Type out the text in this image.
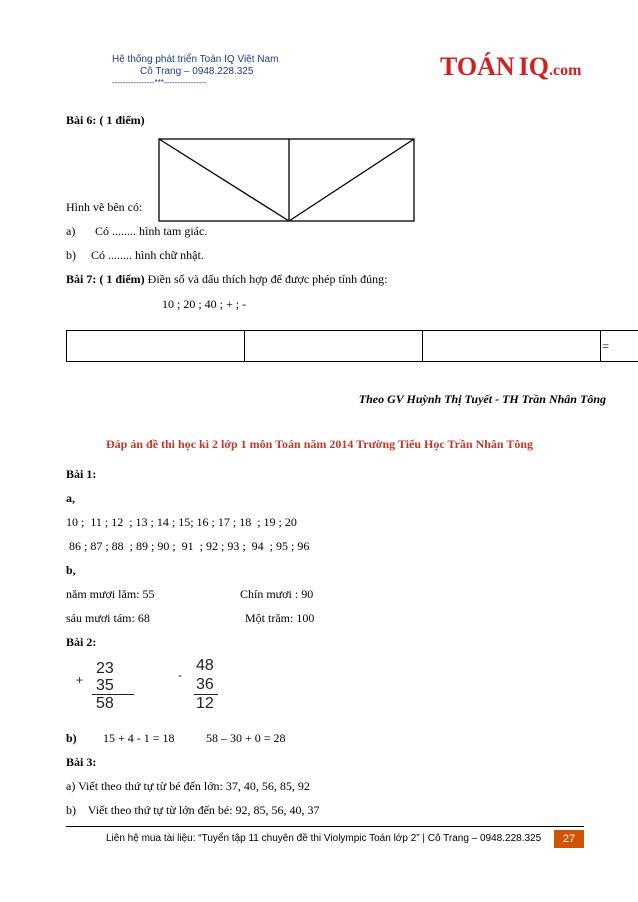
Hệ thống phát triển Toán IQ Việt Nam
Cô Trang – 0948.228.325
----------------***----------------
TOÁN IQ.com
Bài 6: ( 1 điểm)
Hình vẽ bên có:
a) Có ........ hình tam giác.
b) Có ........ hình chữ nhật.
Bài 7: ( 1 điểm) Điền số và dấu thích hợp để được phép tính đúng:
10 ; 20 ; 40 ; + ; -
			=
Theo GV Huỳnh Thị Tuyết - TH Trần Nhân Tông
Đáp án đề thi học kì 2 lớp 1 môn Toán năm 2014 Trường Tiểu Học Trần Nhân Tông
Bài 1:
a,
10 ;  11 ; 12  ; 13 ; 14 ; 15; 16 ; 17 ; 18  ; 19 ; 20
86 ; 87 ; 88  ; 89 ; 90 ;  91  ; 92 ; 93 ;  94  ; 95 ; 96
b,
năm mươi lăm: 55	Chín mươi : 90
sáu mươi tám: 68	Một trăm: 100
Bài 2:
+
23
35
58
-
48
36
12
b) 15 + 4 - 1 = 18	58 – 30 + 0 = 28
Bài 3:
a) Viết theo thứ tự từ bé đến lớn: 37, 40, 56, 85, 92
b)    Viết theo thứ tự từ lớn đến bé: 92, 85, 56, 40, 37
Liên hệ mua tài liệu: “Tuyển tập 11 chuyên đề thi Violympic Toán lớp 2” | Cô Trang – 0948.228.325	27
